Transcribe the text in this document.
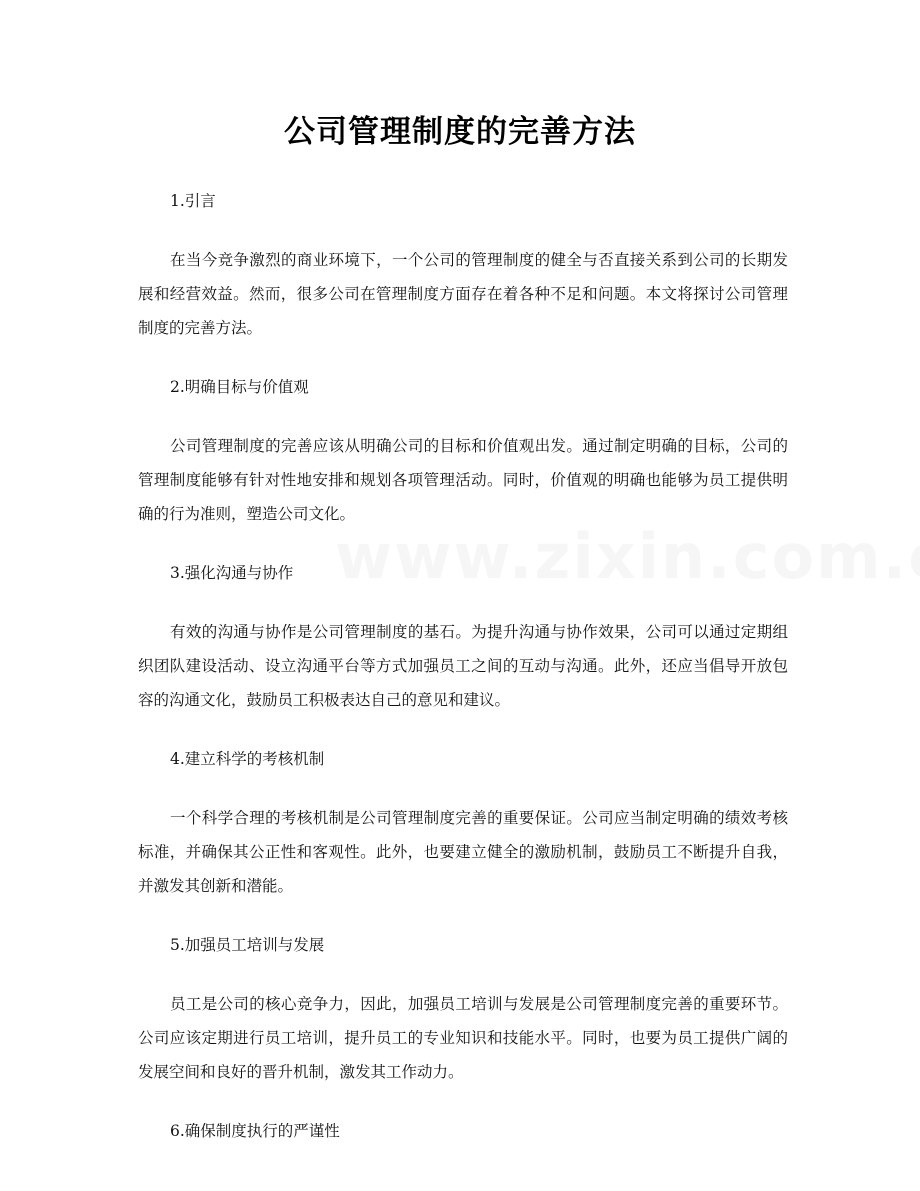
公司管理制度的完善方法
1.引言
在当今竞争激烈的商业环境下，一个公司的管理制度的健全与否直接关系到公司的长期发展和经营效益。然而，很多公司在管理制度方面存在着各种不足和问题。本文将探讨公司管理制度的完善方法。
2.明确目标与价值观
公司管理制度的完善应该从明确公司的目标和价值观出发。通过制定明确的目标，公司的管理制度能够有针对性地安排和规划各项管理活动。同时，价值观的明确也能够为员工提供明确的行为准则，塑造公司文化。
3.强化沟通与协作
有效的沟通与协作是公司管理制度的基石。为提升沟通与协作效果，公司可以通过定期组织团队建设活动、设立沟通平台等方式加强员工之间的互动与沟通。此外，还应当倡导开放包容的沟通文化，鼓励员工积极表达自己的意见和建议。
4.建立科学的考核机制
一个科学合理的考核机制是公司管理制度完善的重要保证。公司应当制定明确的绩效考核标准，并确保其公正性和客观性。此外，也要建立健全的激励机制，鼓励员工不断提升自我，并激发其创新和潜能。
5.加强员工培训与发展
员工是公司的核心竞争力，因此，加强员工培训与发展是公司管理制度完善的重要环节。公司应该定期进行员工培训，提升员工的专业知识和技能水平。同时，也要为员工提供广阔的发展空间和良好的晋升机制，激发其工作动力。
6.确保制度执行的严谨性
